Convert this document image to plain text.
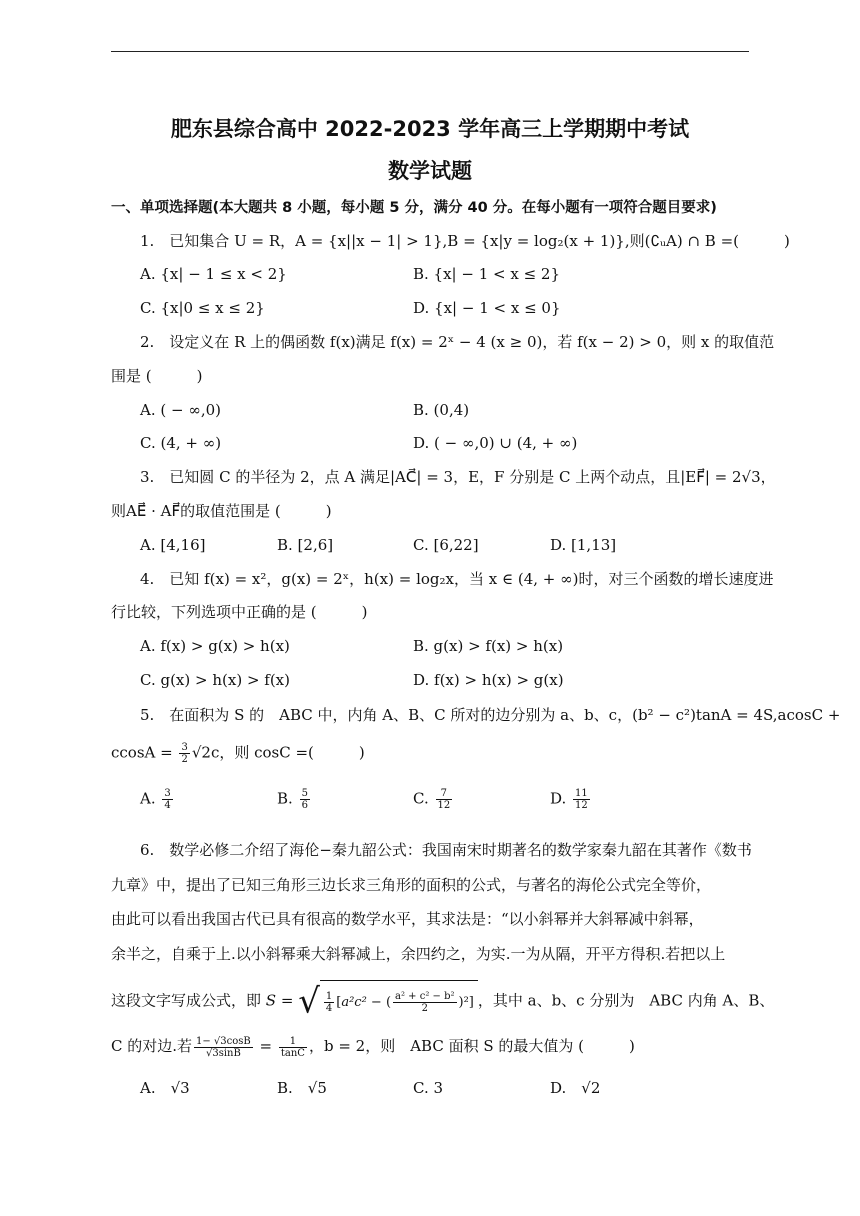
肥东县综合高中 2022-2023 学年高三上学期期中考试
数学试题
一、单项选择题(本大题共 8 小题，每小题 5 分，满分 40 分。在每小题有一项符合题目要求)
1.　已知集合 U = R，A = {x||x − 1| > 1},B = {x|y = log₂(x + 1)},则(∁ᵤA) ∩ B =(　　　)
A. {x| − 1 ≤ x < 2}	B. {x| − 1 < x ≤ 2}
C. {x|0 ≤ x ≤ 2}	D. {x| − 1 < x ≤ 0}
2.　设定义在 R 上的偶函数 f(x)满足 f(x) = 2ˣ − 4 (x ≥ 0)，若 f(x − 2) > 0，则 x 的取值范
围是 (　　　)
A. ( − ∞,0)	B. (0,4)
C. (4, + ∞)	D. ( − ∞,0) ∪ (4, + ∞)
3.　已知圆 C 的半径为 2，点 A 满足|AC⃗| = 3，E，F 分别是 C 上两个动点，且|EF⃗| = 2√3，
则AE⃗ · AF⃗的取值范围是 (　　　)
A. [4,16]	B. [2,6]	C. [6,22]	D. [1,13]
4.　已知 f(x) = x²，g(x) = 2ˣ，h(x) = log₂x，当 x ∈ (4, + ∞)时，对三个函数的增长速度进
行比较，下列选项中正确的是 (　　　)
A. f(x) > g(x) > h(x)	B. g(x) > f(x) > h(x)
C. g(x) > h(x) > f(x)	D. f(x) > h(x) > g(x)
5.　在面积为 S 的　ABC 中，内角 A、B、C 所对的边分别为 a、b、c，(b² − c²)tanA = 4S,acosC +
$ccosA = \frac{3}{2} √2c$，则 cosC =(　　　)
A. $\frac{3}{4}$	B. $\frac{5}{6}$	C. $\frac{7}{12}$	D. $\frac{11}{12}$
6.　数学必修二介绍了海伦−秦九韶公式：我国南宋时期著名的数学家秦九韶在其著作《数书
九章》中，提出了已知三角形三边长求三角形的面积的公式，与著名的海伦公式完全等价，
由此可以看出我国古代已具有很高的数学水平，其求法是：“以小斜幂并大斜幂减中斜幂，
余半之，自乘于上.以小斜幂乘大斜幂减上，余四约之，为实.一为从隔，开平方得积.若把以上
这段文字写成公式，即 S = √ $\frac{1}{4} [a^2c^2$ − ( $\frac{\text{a² + c² − b²}}{2} )^2$] ，其中 a、b、c 分别为　ABC 内角 A、B、
C 的对边.若 $\frac{1- √3\cos B}{√3\sin B} = \frac{1}{\tan C}$ ，b = 2，则　ABC 面积 S 的最大值为 (　　　)
A.　√3	B.　√5	C. 3	D.　√2
